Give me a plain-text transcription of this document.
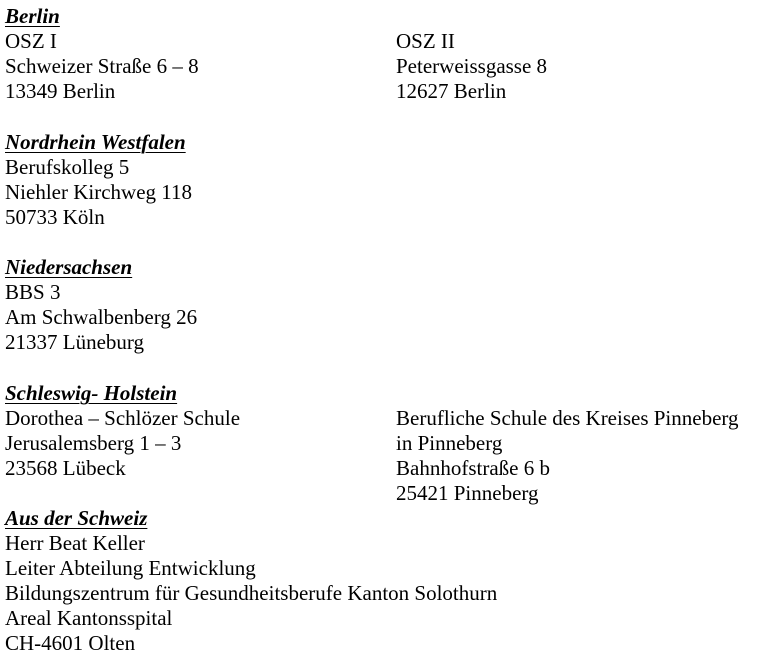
Berlin
OSZ I
Schweizer Straße 6 – 8
13349 Berlin
OSZ II
Peterweissgasse 8
12627 Berlin
Nordrhein Westfalen
Berufskolleg 5
Niehler Kirchweg 118
50733 Köln
Niedersachsen
BBS 3
Am Schwalbenberg 26
21337 Lüneburg
Schleswig- Holstein
Dorothea – Schlözer Schule
Jerusalemsberg 1 – 3
23568 Lübeck
Berufliche Schule des Kreises Pinneberg
in Pinneberg
Bahnhofstraße 6 b
25421 Pinneberg
Aus der Schweiz
Herr Beat Keller
Leiter Abteilung Entwicklung
Bildungszentrum für Gesundheitsberufe Kanton Solothurn
Areal Kantonsspital
CH-4601 Olten
